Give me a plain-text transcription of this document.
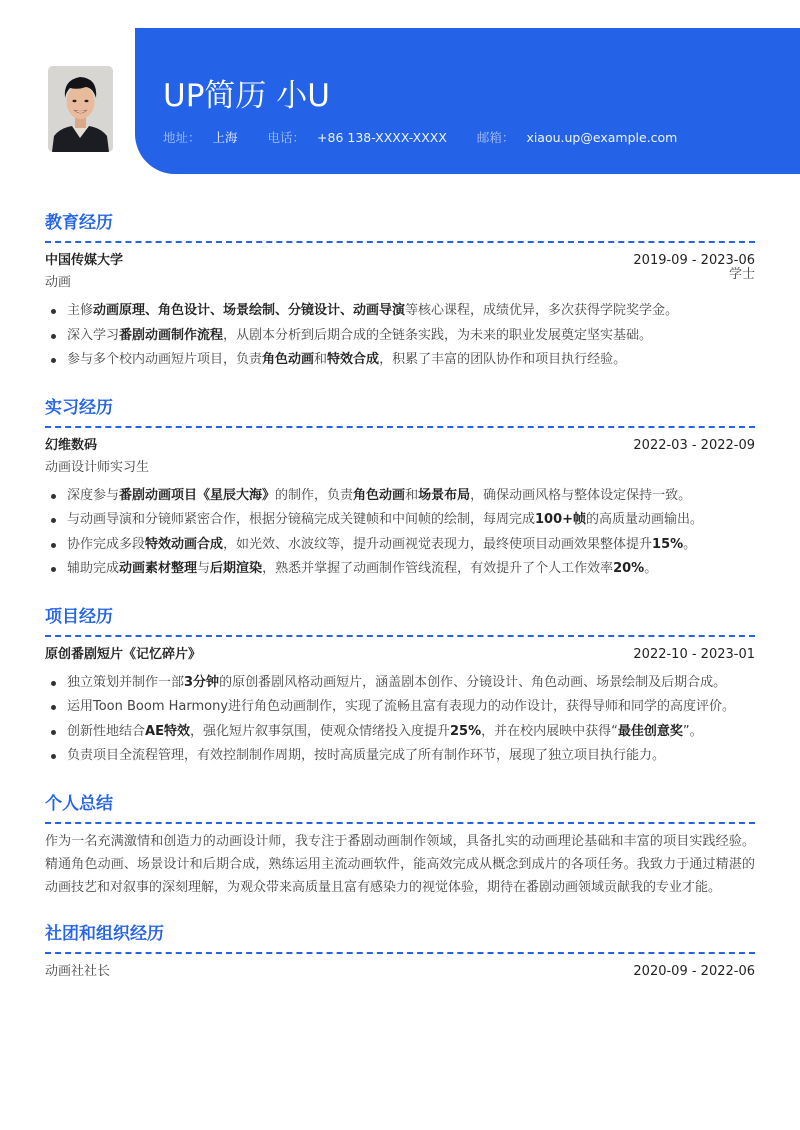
UP简历 小U
地址： 上海 电话： +86 138-XXXX-XXXX 邮箱： xiaou.up@example.com
教育经历
中国传媒大学	2019-09 - 2023-06
动画
学士
主修动画原理、角色设计、场景绘制、分镜设计、动画导演等核心课程，成绩优异，多次获得学院奖学金。
深入学习番剧动画制作流程，从剧本分析到后期合成的全链条实践，为未来的职业发展奠定坚实基础。
参与多个校内动画短片项目，负责角色动画和特效合成，积累了丰富的团队协作和项目执行经验。
实习经历
幻维数码	2022-03 - 2022-09
动画设计师实习生
深度参与番剧动画项目《星辰大海》的制作，负责角色动画和场景布局，确保动画风格与整体设定保持一致。
与动画导演和分镜师紧密合作，根据分镜稿完成关键帧和中间帧的绘制，每周完成100+帧的高质量动画输出。
协作完成多段特效动画合成，如光效、水波纹等，提升动画视觉表现力，最终使项目动画效果整体提升15%。
辅助完成动画素材整理与后期渲染，熟悉并掌握了动画制作管线流程，有效提升了个人工作效率20%。
项目经历
原创番剧短片《记忆碎片》	2022-10 - 2023-01
独立策划并制作一部3分钟的原创番剧风格动画短片，涵盖剧本创作、分镜设计、角色动画、场景绘制及后期合成。
运用Toon Boom Harmony进行角色动画制作，实现了流畅且富有表现力的动作设计，获得导师和同学的高度评价。
创新性地结合AE特效，强化短片叙事氛围，使观众情绪投入度提升25%，并在校内展映中获得“最佳创意奖”。
负责项目全流程管理，有效控制制作周期，按时高质量完成了所有制作环节，展现了独立项目执行能力。
个人总结
作为一名充满激情和创造力的动画设计师，我专注于番剧动画制作领域，具备扎实的动画理论基础和丰富的项目实践经验。精通角色动画、场景设计和后期合成，熟练运用主流动画软件，能高效完成从概念到成片的各项任务。我致力于通过精湛的动画技艺和对叙事的深刻理解，为观众带来高质量且富有感染力的视觉体验，期待在番剧动画领域贡献我的专业才能。
社团和组织经历
动画社社长	2020-09 - 2022-06
